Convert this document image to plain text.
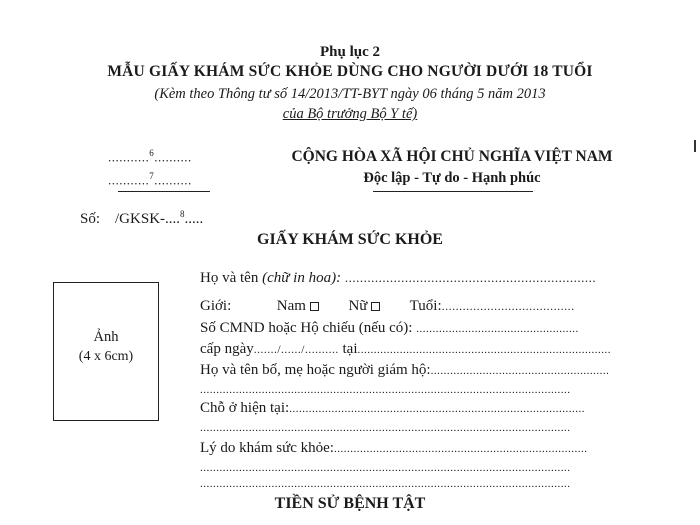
Phụ lục 2
MẪU GIẤY KHÁM SỨC KHỎE DÙNG CHO NGƯỜI DƯỚI 18 TUỔI
(Kèm theo Thông tư số 14/2013/TT-BYT ngày 06 tháng 5 năm 2013
của Bộ trưởng Bộ Y tế)
...........$^6$..........
...........$^7$..........
Số: /GKSK-....$^8$.....
CỘNG HÒA XÃ HỘI CHỦ NGHĨA VIỆT NAM
Độc lập - Tự do - Hạnh phúc
GIẤY KHÁM SỨC KHỎE
Ảnh
(4 x 6cm)
Họ và tên (chữ in hoa): ...................................................................
Giới:	Nam	Nữ	Tuổi:......................................
Số CMND hoặc Hộ chiếu (nếu có): ..................................................
cấp ngày......./....../.......... tại..............................................................................
Họ và tên bố, mẹ hoặc người giám hộ:.......................................................
..................................................................................................................
Chỗ ở hiện tại:...........................................................................................
..................................................................................................................
Lý do khám sức khỏe:..............................................................................
..................................................................................................................
..................................................................................................................
TIỀN SỬ BỆNH TẬT
